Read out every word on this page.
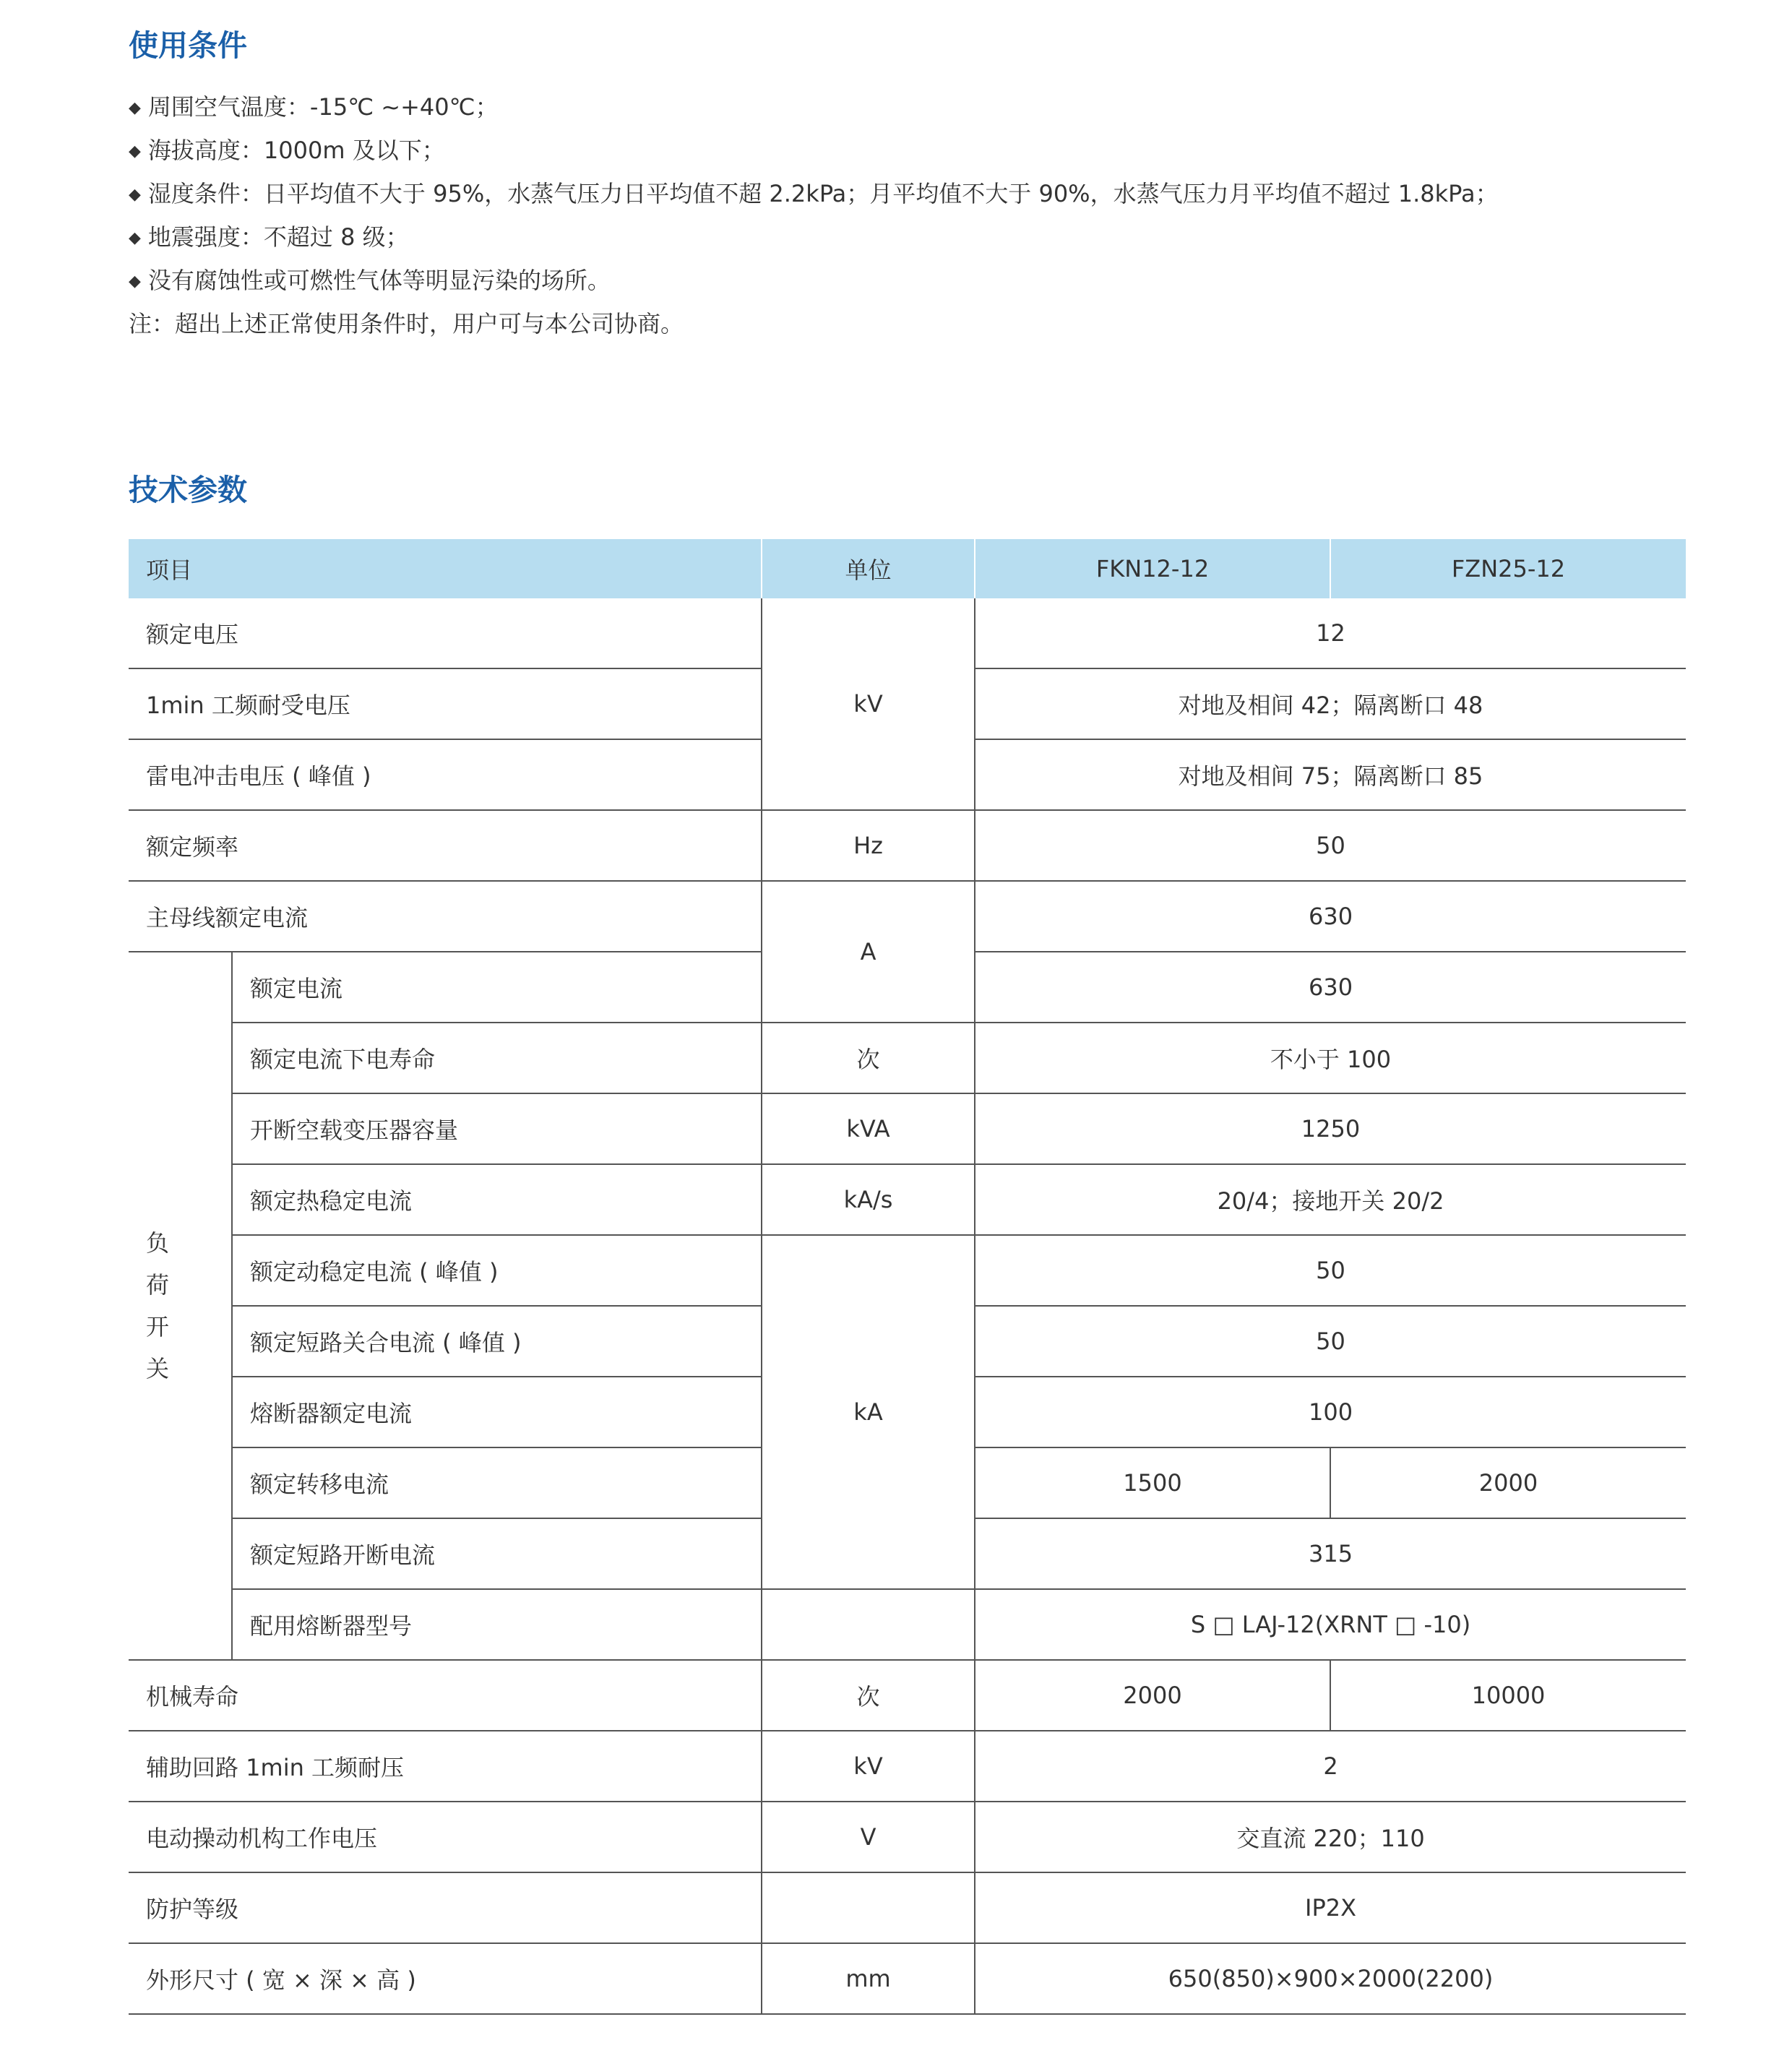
使用条件
◆ 周围空气温度：-15℃ ~+40℃；
◆ 海拔高度：1000m 及以下；
◆ 湿度条件：日平均值不大于 95%，水蒸气压力日平均值不超 2.2kPa；月平均值不大于 90%，水蒸气压力月平均值不超过 1.8kPa；
◆ 地震强度：不超过 8 级；
◆ 没有腐蚀性或可燃性气体等明显污染的场所。
注：超出上述正常使用条件时，用户可与本公司协商。
技术参数
项目		单位	FKN12-12	FZN25-12
额定电压		kV	12	
1min 工频耐受电压			对地及相间 42；隔离断口 48	
雷电冲击电压 ( 峰值 )			对地及相间 75；隔离断口 85	
额定频率		Hz	50	
主母线额定电流		A	630	
负
荷
开
关	额定电流		630	
	额定电流下电寿命	次	不小于 100	
	开断空载变压器容量	kVA	1250	
	额定热稳定电流	kA/s	20/4；接地开关 20/2	
	额定动稳定电流 ( 峰值 )	kA	50	
	额定短路关合电流 ( 峰值 )		50	
	熔断器额定电流		100	
	额定转移电流		1500	2000
	额定短路开断电流		315	
	配用熔断器型号		S □ LAJ-12(XRNT □ -10)	
机械寿命		次	2000	10000
辅助回路 1min 工频耐压		kV	2	
电动操动机构工作电压		V	交直流 220；110	
防护等级			IP2X	
外形尺寸 ( 宽 × 深 × 高 )		mm	650(850)×900×2000(2200)	
